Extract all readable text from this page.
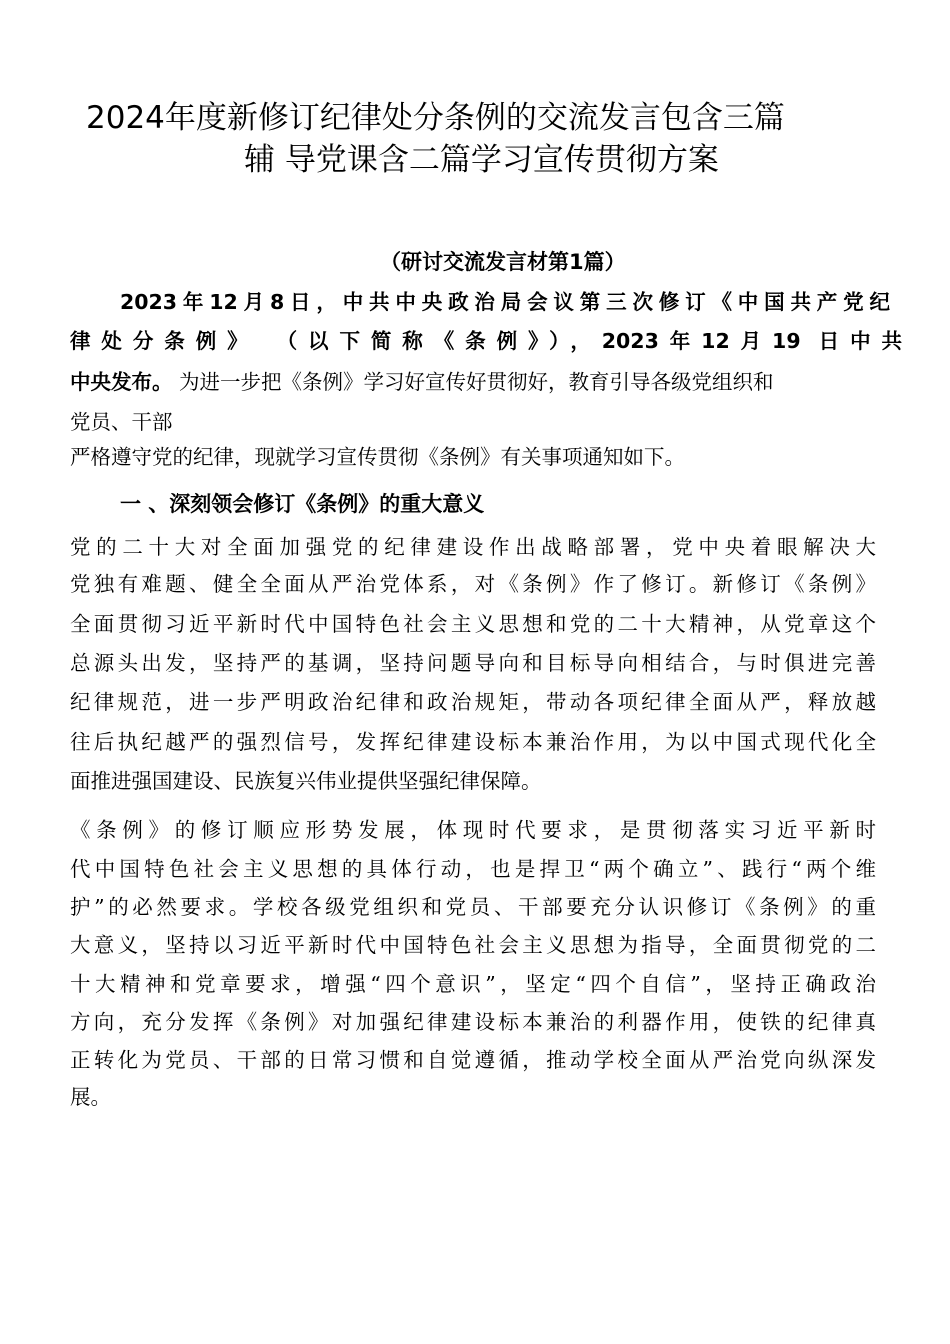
2024年度新修订纪律处分条例的交流发言包含三篇
辅 导党课含二篇学习宣传贯彻方案
（研讨交流发言材第1篇）
2023年12月8日，中共中央政治局会议第三次修订《中国共产党纪
律处分条例》 （以下简称《条例》），2023年12月19 日中共
中央发布。 为进一步把《条例》学习好宣传好贯彻好，教育引导各级党组织和
党员、干部
严格遵守党的纪律，现就学习宣传贯彻《条例》有关事项通知如下。
一 、深刻领会修订《条例》的重大意义
党的二十大对全面加强党的纪律建设作出战略部署，党中央着眼解决大
党独有难题、健全全面从严治党体系，对《条例》作了修订。新修订《条例》
全面贯彻习近平新时代中国特色社会主义思想和党的二十大精神，从党章这个
总源头出发，坚持严的基调，坚持问题导向和目标导向相结合，与时俱进完善
纪律规范，进一步严明政治纪律和政治规矩，带动各项纪律全面从严，释放越
往后执纪越严的强烈信号，发挥纪律建设标本兼治作用，为以中国式现代化全
面推进强国建设、民族复兴伟业提供坚强纪律保障。
《条例》的修订顺应形势发展，体现时代要求，是贯彻落实习近平新时
代中国特色社会主义思想的具体行动，也是捍卫“两个确立”、践行“两个维
护”的必然要求。学校各级党组织和党员、干部要充分认识修订《条例》的重
大意义，坚持以习近平新时代中国特色社会主义思想为指导，全面贯彻党的二
十大精神和党章要求，增强“四个意识”，坚定“四个自信”，坚持正确政治
方向，充分发挥《条例》对加强纪律建设标本兼治的利器作用，使铁的纪律真
正转化为党员、干部的日常习惯和自觉遵循，推动学校全面从严治党向纵深发
展。
